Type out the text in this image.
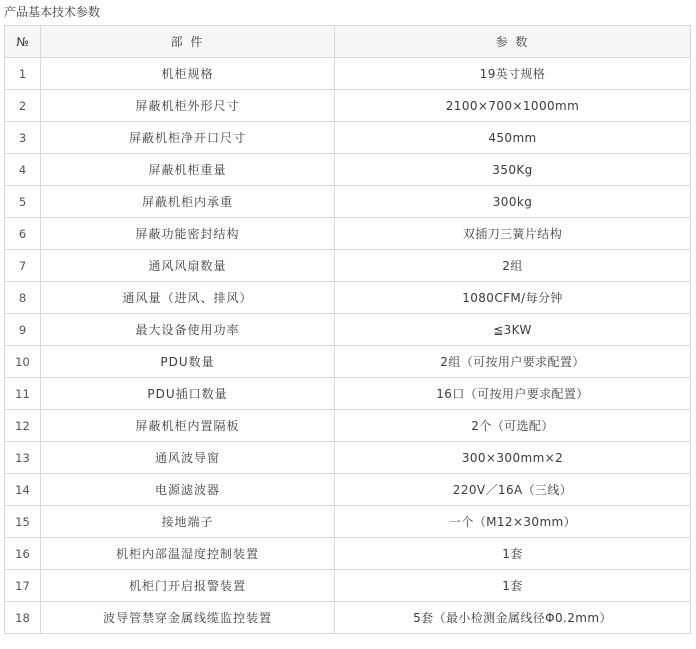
产品基本技术参数
№	部 件	参 数
1	机柜规格	19英寸规格
2	屏蔽机柜外形尺寸	2100×700×1000mm
3	屏蔽机柜净开口尺寸	450mm
4	屏蔽机柜重量	350Kg
5	屏蔽机柜内承重	300kg
6	屏蔽功能密封结构	双插刀三簧片结构
7	通风风扇数量	2组
8	通风量（进风、排风）	1080CFM/每分钟
9	最大设备使用功率	≦3KW
10	PDU数量	2组（可按用户要求配置）
11	PDU插口数量	16口（可按用户要求配置）
12	屏蔽机柜内置隔板	2个（可选配）
13	通风波导窗	300×300mm×2
14	电源滤波器	220V／16A（三线）
15	接地端子	一个（M12×30mm）
16	机柜内部温湿度控制装置	1套
17	机柜门开启报警装置	1套
18	波导管禁穿金属线缆监控装置	5套（最小检测金属线径Φ0.2mm）
